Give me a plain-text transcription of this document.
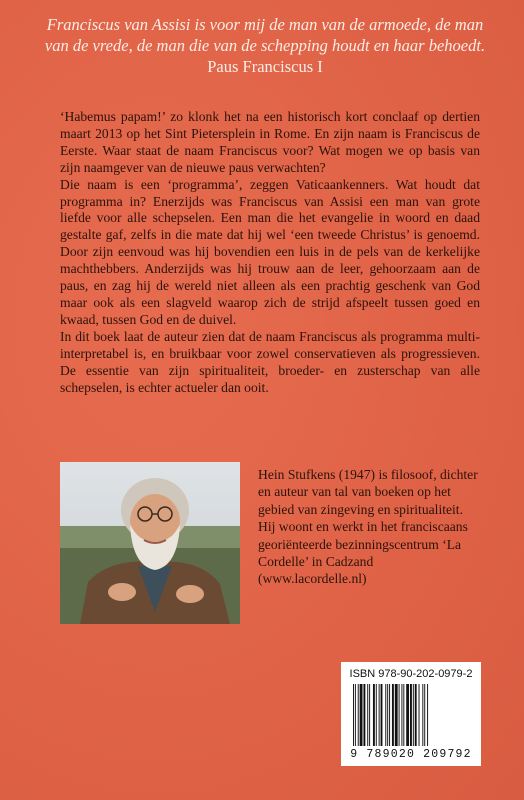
Franciscus van Assisi is voor mij de man van de armoede, de man van de vrede, de man die van de schepping houdt en haar behoedt. Paus Franciscus I

‘Habemus papam!’ zo klonk het na een historisch kort conclaaf op dertien maart 2013 op het Sint Pietersplein in Rome. En zijn naam is Franciscus de Eerste. Waar staat de naam Franciscus voor? Wat mogen we op basis van zijn naamgever van de nieuwe paus verwachten?

Die naam is een ‘programma’, zeggen Vaticaankenners. Wat houdt dat programma in? Enerzijds was Franciscus van Assisi een man van grote liefde voor alle schepselen. Een man die het evangelie in woord en daad gestalte gaf, zelfs in die mate dat hij wel ‘een tweede Christus’ is genoemd. Door zijn eenvoud was hij bovendien een luis in de pels van de kerkelijke machthebbers. Anderzijds was hij trouw aan de leer, gehoorzaam aan de paus, en zag hij de wereld niet alleen als een prachtig geschenk van God maar ook als een slagveld waarop zich de strijd afspeelt tussen goed en kwaad, tussen God en de duivel.

In dit boek laat de auteur zien dat de naam Franciscus als programma multi-interpretabel is, en bruikbaar voor zowel conservatieven als progressieven. De essentie van zijn spiritualiteit, broeder- en zusterschap van alle schepselen, is echter actueler dan ooit.

Hein Stufkens (1947) is filosoof, dichter en auteur van tal van boeken op het gebied van zingeving en spiritualiteit. Hij woont en werkt in het franciscaans georiënteerde bezinningscentrum ‘La Cordelle’ in Cadzand (www.lacordelle.nl)
ISBN 978-90-202-0979-2
9 789020 209792
